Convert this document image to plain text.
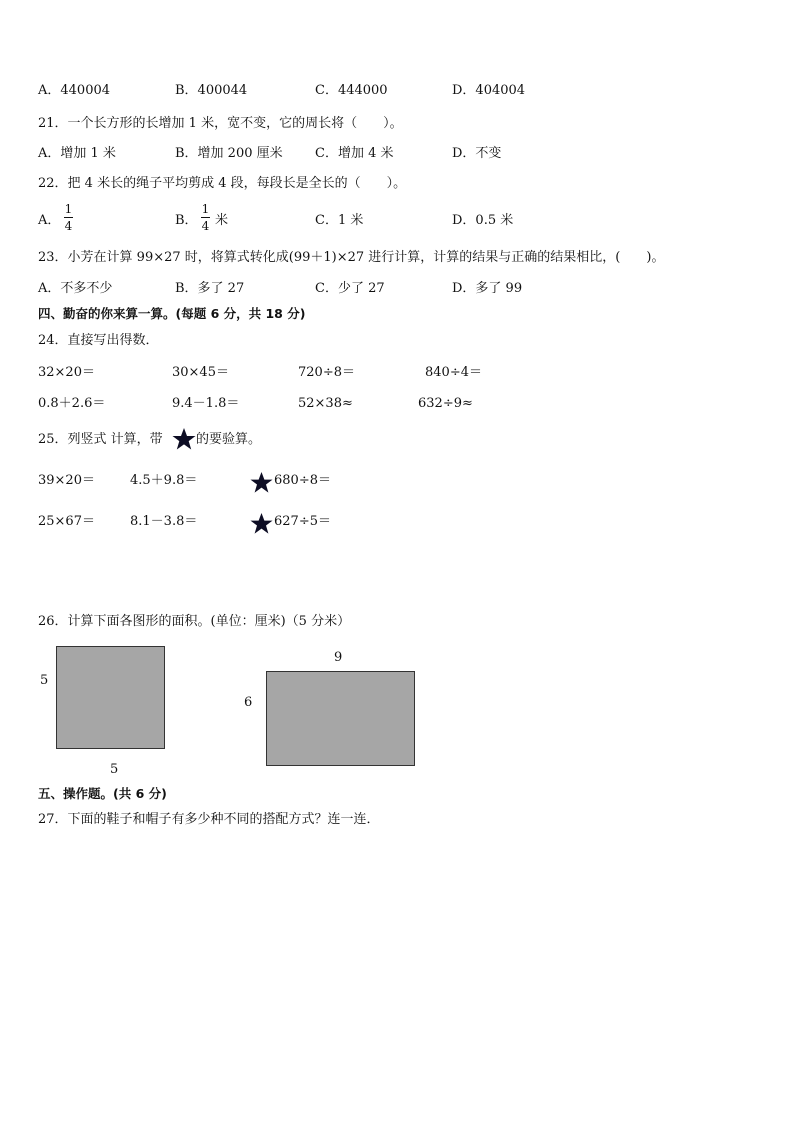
A．440004	B．400044	C．444000	D．404004
21．一个长方形的长增加 1 米，宽不变，它的周长将（　　）。
A．增加 1 米	B．增加 200 厘米 C．增加 4 米	D．不变
22．把 4 米长的绳子平均剪成 4 段，每段长是全长的（　　）。
A．
1
4	B．
1
4 米	C．1 米	D．0.5 米
23．小芳在计算 99×27 时，将算式转化成(99＋1)×27 进行计算，计算的结果与正确的结果相比，(　　)。
A．不多不少	B．多了 27	C．少了 27	D．多了 99
四、勤奋的你来算一算。(每题 6 分，共 18 分)
24．直接写出得数．
32×20＝	30×45＝	720÷8＝	840÷4＝
0.8＋2.6＝	9.4－1.8＝	52×38≈	632÷9≈
25．列竖式 计算，带	的要验算。
39×20＝	4.5＋9.8＝	680÷8＝
25×67＝	8.1－3.8＝	627÷5＝
26．计算下面各图形的面积。(单位：厘米)（5 分米）
5
5
9
6
五、操作题。(共 6 分)
27．下面的鞋子和帽子有多少种不同的搭配方式？连一连．
